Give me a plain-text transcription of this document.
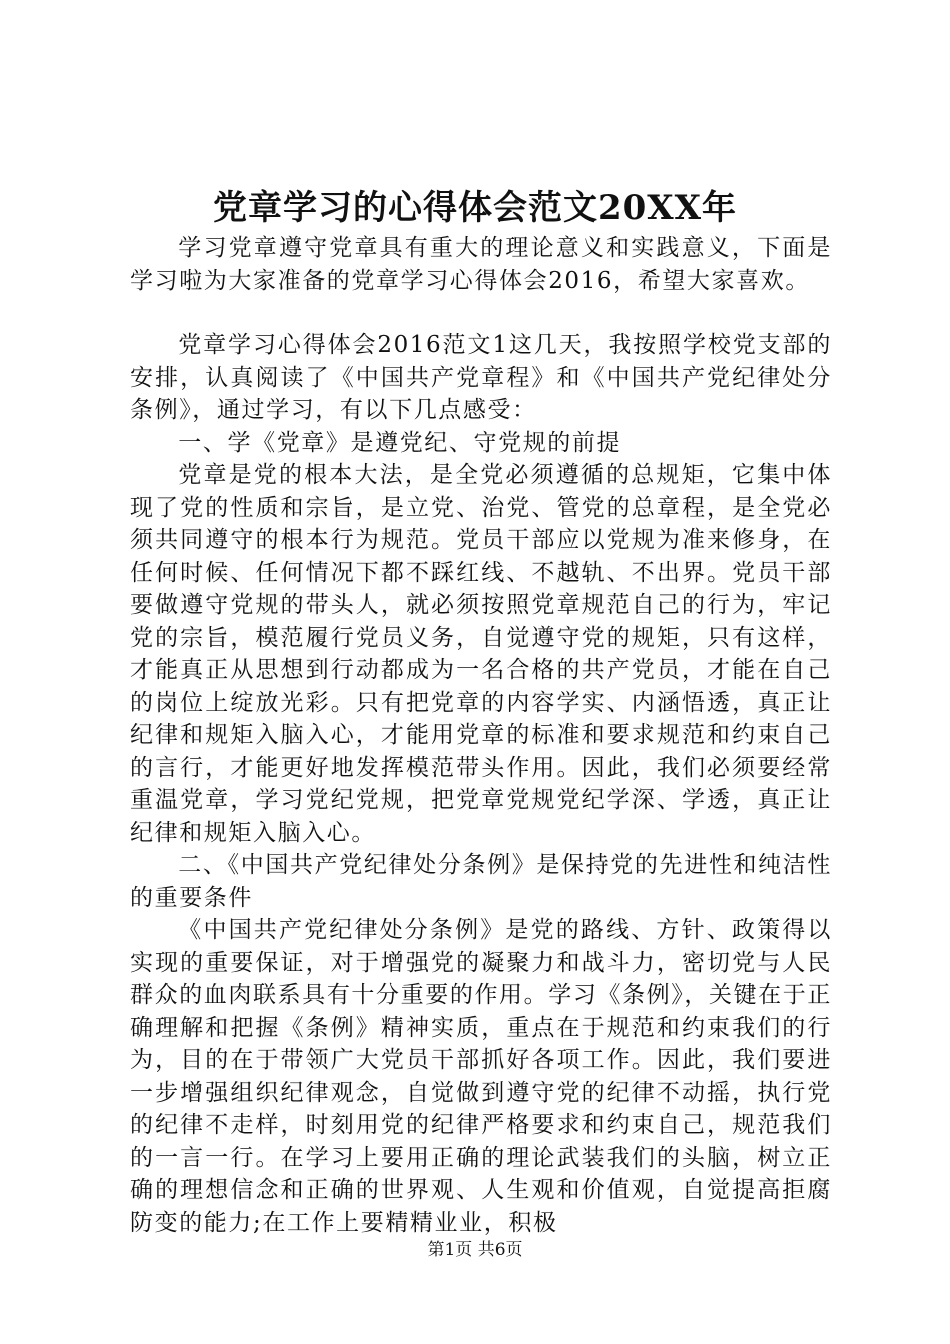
党章学习的心得体会范文20XX年

学习党章遵守党章具有重大的理论意义和实践意义，下面是学习啦为大家准备的党章学习心得体会2016，希望大家喜欢。

党章学习心得体会2016范文1这几天，我按照学校党支部的安排，认真阅读了《中国共产党章程》和《中国共产党纪律处分条例》，通过学习，有以下几点感受：

一、学《党章》是遵党纪、守党规的前提

党章是党的根本大法，是全党必须遵循的总规矩，它集中体现了党的性质和宗旨，是立党、治党、管党的总章程，是全党必须共同遵守的根本行为规范。党员干部应以党规为准来修身，在任何时候、任何情况下都不踩红线、不越轨、不出界。党员干部要做遵守党规的带头人，就必须按照党章规范自己的行为，牢记党的宗旨，模范履行党员义务，自觉遵守党的规矩，只有这样，才能真正从思想到行动都成为一名合格的共产党员，才能在自己的岗位上绽放光彩。只有把党章的内容学实、内涵悟透，真正让纪律和规矩入脑入心，才能用党章的标准和要求规范和约束自己的言行，才能更好地发挥模范带头作用。因此，我们必须要经常重温党章，学习党纪党规，把党章党规党纪学深、学透，真正让纪律和规矩入脑入心。

二、《中国共产党纪律处分条例》是保持党的先进性和纯洁性的重要条件

《中国共产党纪律处分条例》是党的路线、方针、政策得以实现的重要保证，对于增强党的凝聚力和战斗力，密切党与人民群众的血肉联系具有十分重要的作用。学习《条例》，关键在于正确理解和把握《条例》精神实质，重点在于规范和约束我们的行为，目的在于带领广大党员干部抓好各项工作。因此，我们要进一步增强组织纪律观念，自觉做到遵守党的纪律不动摇，执行党的纪律不走样，时刻用党的纪律严格要求和约束自己，规范我们的一言一行。在学习上要用正确的理论武装我们的头脑，树立正确的理想信念和正确的世界观、人生观和价值观，自觉提高拒腐防变的能力;在工作上要精精业业，积极

第1页 共6页
